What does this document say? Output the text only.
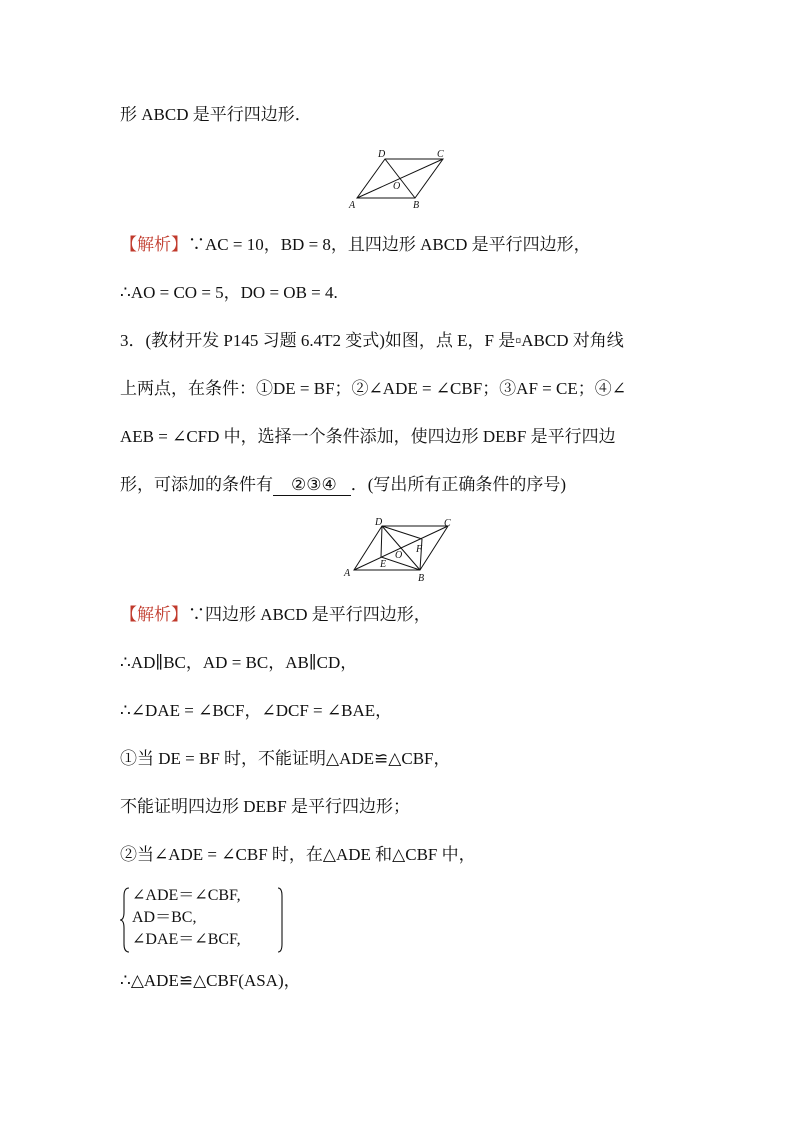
形 ABCD 是平行四边形．
A	B
C
D
O
【解析】∵AC = 10，BD = 8，且四边形 ABCD 是平行四边形，
∴AO = CO = 5，DO = OB = 4.
3．(教材开发 P145 习题 6.4T2 变式)如图，点 E，F 是▫ABCD 对角线
上两点，在条件：①DE = BF；②∠ADE = ∠CBF；③AF = CE；④∠
AEB = ∠CFD 中，选择一个条件添加，使四边形 DEBF 是平行四边
形，可添加的条件有 ②③④ ．(写出所有正确条件的序号)
A	B
C
D
O
E
F
【解析】∵四边形 ABCD 是平行四边形，
∴AD∥BC，AD = BC，AB∥CD，
∴∠DAE = ∠BCF，∠DCF = ∠BAE，
①当 DE = BF 时，不能证明△ADE≌△CBF，
不能证明四边形 DEBF 是平行四边形；
②当∠ADE = ∠CBF 时，在△ADE 和△CBF 中，
∠ADE＝∠CBF,
AD＝BC,
∠DAE＝∠BCF,
∴△ADE≌△CBF(ASA)，
